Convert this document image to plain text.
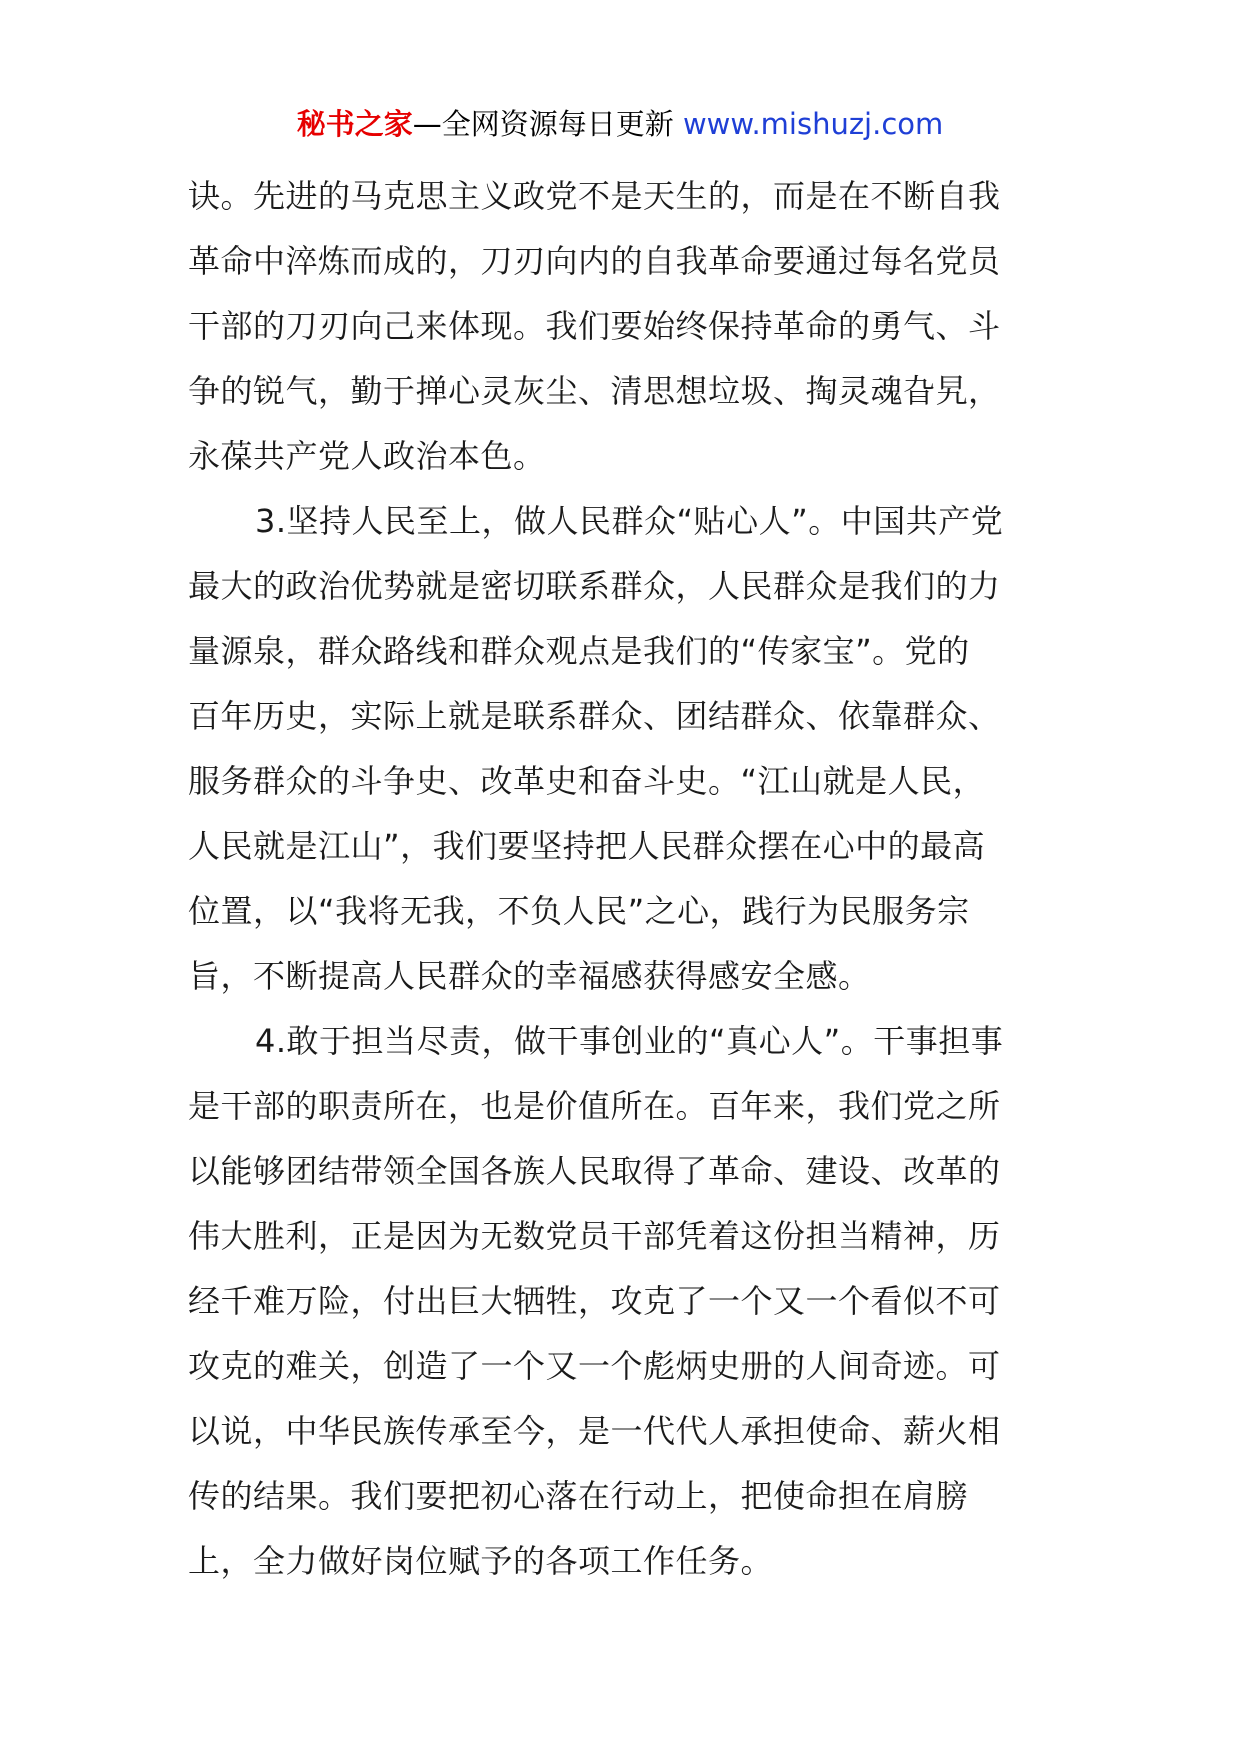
秘书之家—全网资源每日更新 www.mishuzj.com
诀。先进的马克思主义政党不是天生的，而是在不断自我
革命中淬炼而成的，刀刃向内的自我革命要通过每名党员
干部的刀刃向己来体现。我们要始终保持革命的勇气、斗
争的锐气，勤于掸心灵灰尘、清思想垃圾、掏灵魂旮旯，
永葆共产党人政治本色。
3.坚持人民至上，做人民群众“贴心人”。中国共产党
最大的政治优势就是密切联系群众，人民群众是我们的力
量源泉，群众路线和群众观点是我们的“传家宝”。党的
百年历史，实际上就是联系群众、团结群众、依靠群众、
服务群众的斗争史、改革史和奋斗史。“江山就是人民，
人民就是江山”，我们要坚持把人民群众摆在心中的最高
位置，以“我将无我，不负人民”之心，践行为民服务宗
旨，不断提高人民群众的幸福感获得感安全感。
4.敢于担当尽责，做干事创业的“真心人”。干事担事
是干部的职责所在，也是价值所在。百年来，我们党之所
以能够团结带领全国各族人民取得了革命、建设、改革的
伟大胜利，正是因为无数党员干部凭着这份担当精神，历
经千难万险，付出巨大牺牲，攻克了一个又一个看似不可
攻克的难关，创造了一个又一个彪炳史册的人间奇迹。可
以说，中华民族传承至今，是一代代人承担使命、薪火相
传的结果。我们要把初心落在行动上，把使命担在肩膀
上，全力做好岗位赋予的各项工作任务。
